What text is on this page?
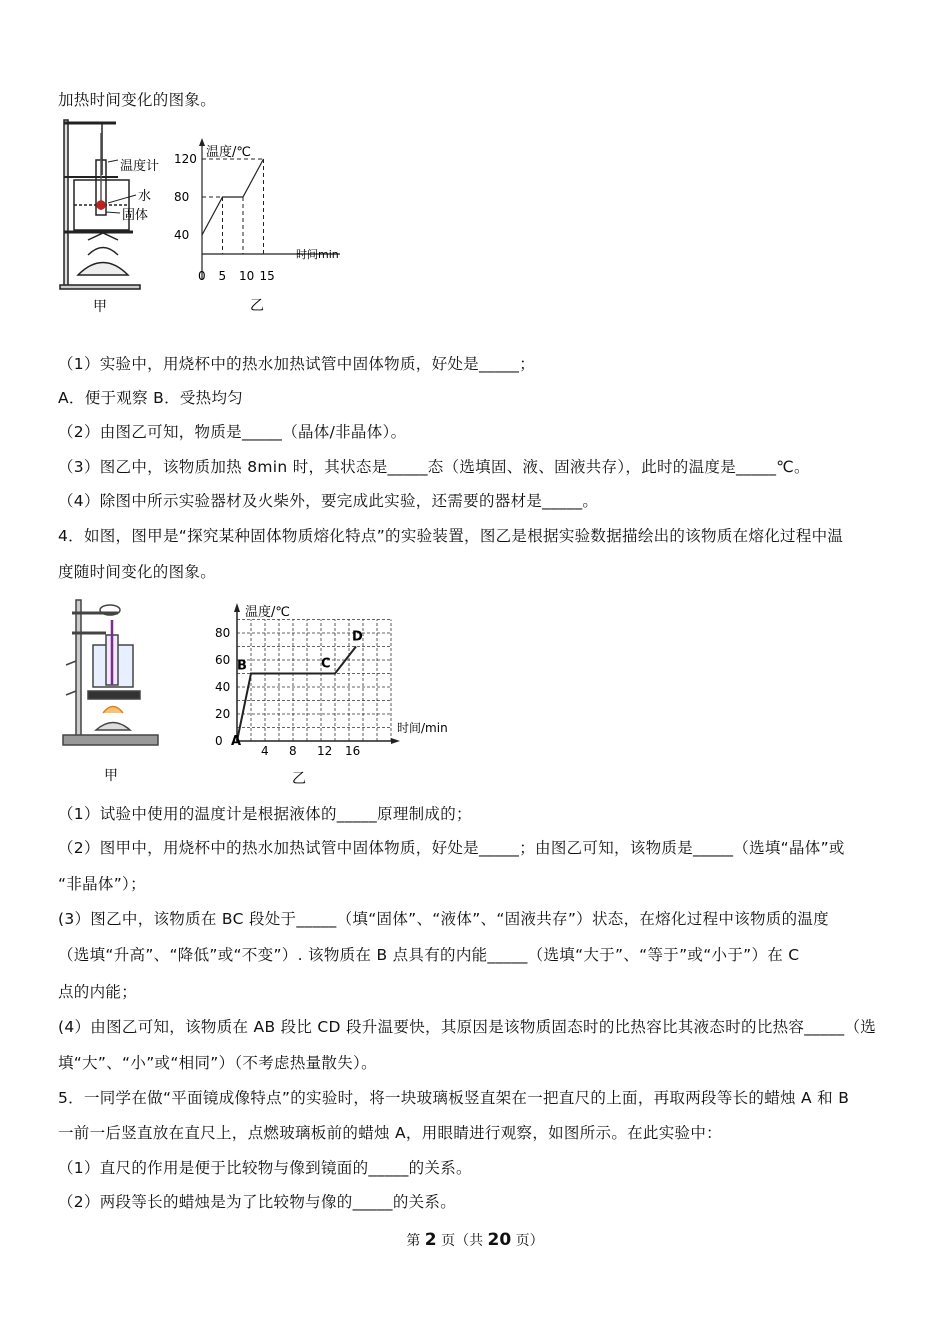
加热时间变化的图象。
温度计
水
固体
甲
温度/℃
时间min
40
80
120
0 5 10 15
乙
（1）实验中，用烧杯中的热水加热试管中固体物质，好处是_____；
A．便于观察 B．受热均匀
（2）由图乙可知，物质是_____（晶体/非晶体）。
（3）图乙中，该物质加热 8min 时，其状态是_____态（选填固、液、固液共存），此时的温度是_____℃。
（4）除图中所示实验器材及火柴外，要完成此实验，还需要的器材是_____。
4．如图，图甲是“探究某种固体物质熔化特点”的实验装置，图乙是根据实验数据描绘出的该物质在熔化过程中温
度随时间变化的图象。
甲
温度/℃
时间/min
0
20
40
60
80
4 8 12 16
A
B	C
D
乙
（1）试验中使用的温度计是根据液体的_____原理制成的；
（2）图甲中，用烧杯中的热水加热试管中固体物质，好处是_____；由图乙可知，该物质是_____（选填“晶体”或
“非晶体”）；
(3）图乙中，该物质在 BC 段处于_____（填“固体”、“液体”、“固液共存”）状态，在熔化过程中该物质的温度
（选填“升高”、“降低”或“不变”）. 该物质在 B 点具有的内能_____（选填“大于”、“等于”或“小于”）在 C
点的内能；
(4）由图乙可知，该物质在 AB 段比 CD 段升温要快，其原因是该物质固态时的比热容比其液态时的比热容_____（选
填“大”、“小”或“相同”）（不考虑热量散失）。
5．一同学在做“平面镜成像特点”的实验时，将一块玻璃板竖直架在一把直尺的上面，再取两段等长的蜡烛 A 和 B
一前一后竖直放在直尺上，点燃玻璃板前的蜡烛 A，用眼睛进行观察，如图所示。在此实验中：
（1）直尺的作用是便于比较物与像到镜面的_____的关系。
（2）两段等长的蜡烛是为了比较物与像的_____的关系。
第 2 页（共 20 页）
